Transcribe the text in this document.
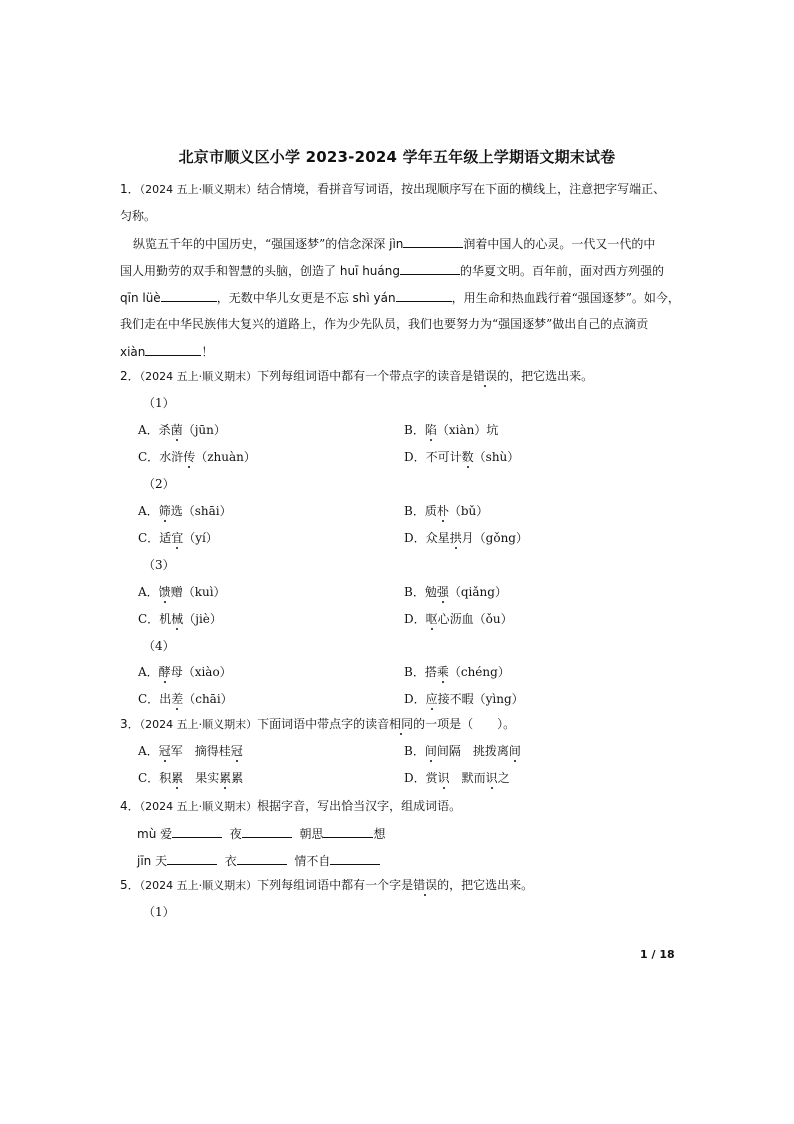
北京市顺义区小学 2023-2024 学年五年级上学期语文期末试卷
1．（2024 五上·顺义期末）结合情境，看拼音写词语，按出现顺序写在下面的横线上，注意把字写端正、
匀称。
纵览五千年的中国历史，“强国逐梦”的信念深深 jìn	润着中国人的心灵。一代又一代的中
国人用勤劳的双手和智慧的头脑，创造了 huī huáng	的华夏文明。百年前，面对西方列强的
qīn lüè	，无数中华儿女更是不忘 shì yán	，用生命和热血践行着“强国逐梦”。如今，
我们走在中华民族伟大复兴的道路上，作为少先队员，我们也要努力为“强国逐梦”做出自己的点滴贡
xiàn	！
2．（2024 五上·顺义期末）下列每组词语中都有一个带点字的读音是错误的，把它选出来。
（1）
A．杀菌（jūn）	B．陷（xiàn）坑
C．水浒传（zhuàn）	D．不可计数（shù）
（2）
A．筛选（shāi）	B．质朴（bǔ）
C．适宜（yí）	D．众星拱月（gǒng）
（3）
A．馈赠（kuì）	B．勉强（qiǎng）
C．机械（jiè）	D．呕心沥血（ǒu）
（4）
A．酵母（xiào）	B．搭乘（chéng）
C．出差（chāi）	D．应接不暇（yìng）
3．（2024 五上·顺义期末）下面词语中带点字的读音相同的一项是（　　）。
A．冠军　摘得桂冠	B．间间隔　挑拨离间
C．积累　果实累累	D．赏识　默而识之
4．（2024 五上·顺义期末）根据字音，写出恰当汉字，组成词语。
mù 爱	夜	朝思	想
jīn 天	衣	情不自
5．（2024 五上·顺义期末）下列每组词语中都有一个字是错误的，把它选出来。
（1）
1 / 18
